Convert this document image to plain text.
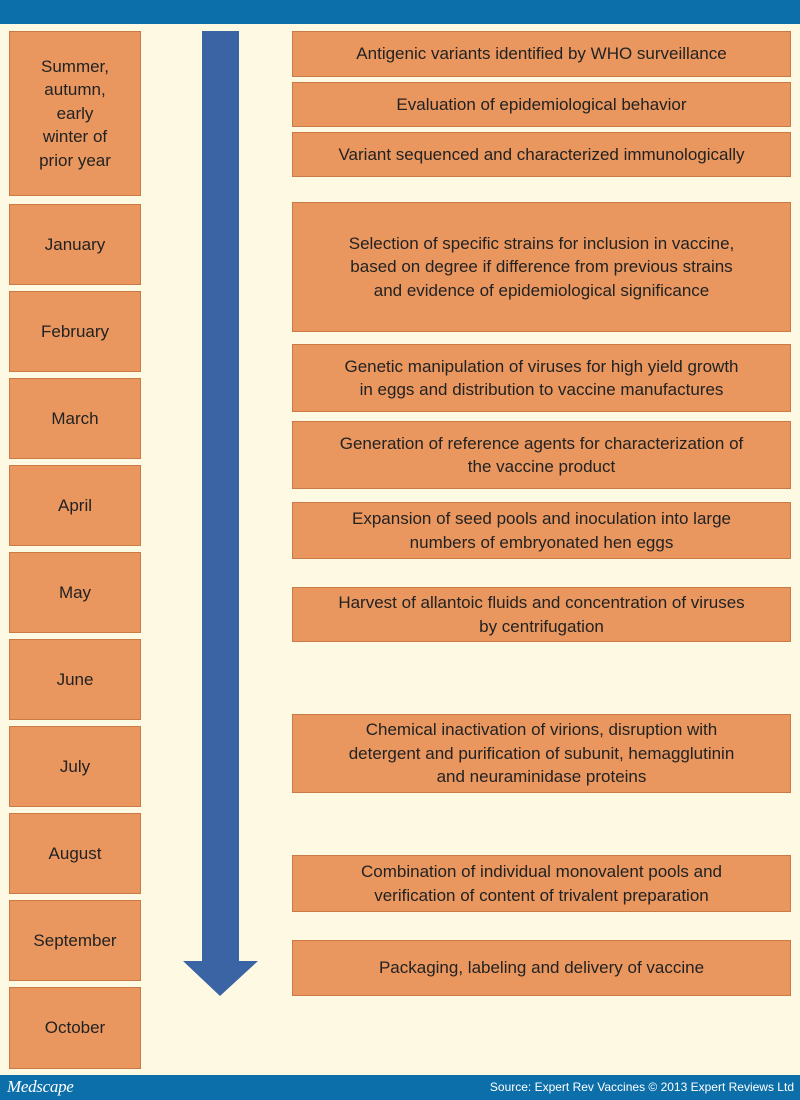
Summer,
autumn,
early
winter of
prior year
January
February
March
April
May
June
July
August
September
October
Antigenic variants identified by WHO surveillance
Evaluation of epidemiological behavior
Variant sequenced and characterized immunologically
Selection of specific strains for inclusion in vaccine,
based on degree if difference from previous strains
and evidence of epidemiological significance
Genetic manipulation of viruses for high yield growth
in eggs and distribution to vaccine manufactures
Generation of reference agents for characterization of
the vaccine product
Expansion of seed pools and inoculation into large
numbers of embryonated hen eggs
Harvest of allantoic fluids and concentration of viruses
by centrifugation
Chemical inactivation of virions, disruption with
detergent and purification of subunit, hemagglutinin
and neuraminidase proteins
Combination of individual monovalent pools and
verification of content of trivalent preparation
Packaging, labeling and delivery of vaccine
Medscape	Source: Expert Rev Vaccines © 2013 Expert Reviews Ltd
